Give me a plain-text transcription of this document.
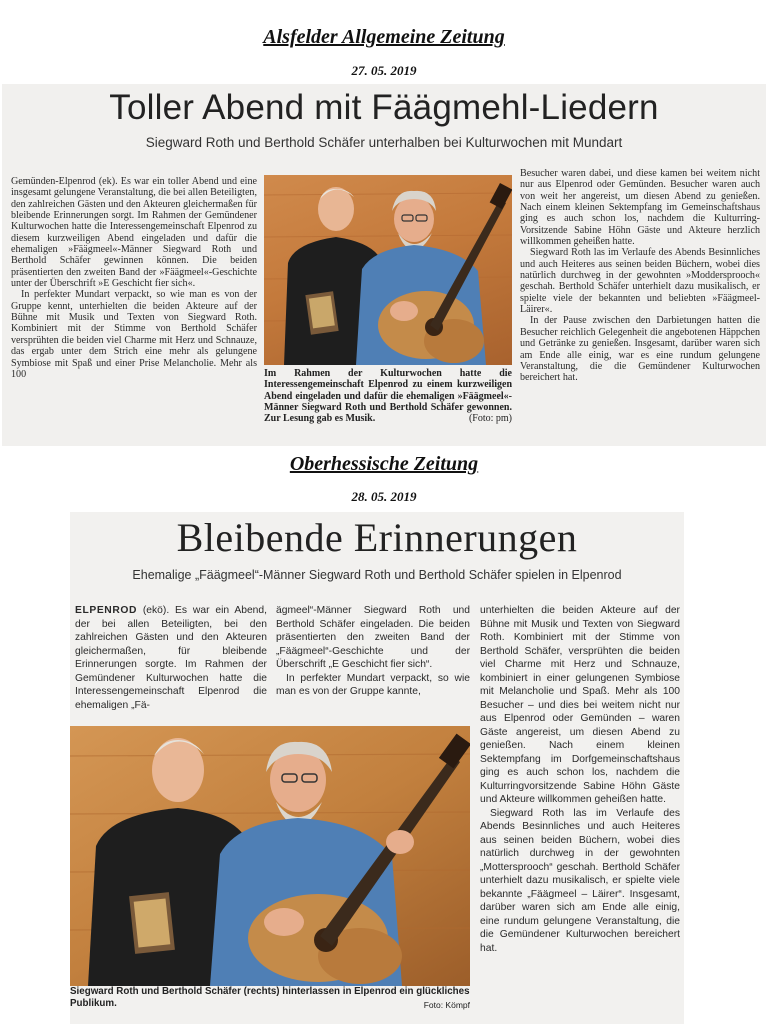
Alsfelder Allgemeine Zeitung
27. 05. 2019
Toller Abend mit Fäägmehl-Liedern
Siegward Roth und Berthold Schäfer unterhalben bei Kulturwochen mit Mundart

Gemünden-Elpenrod (ek). Es war ein toller Abend und eine insgesamt gelungene Veranstaltung, die bei allen Beteiligten, den zahlreichen Gästen und den Akteuren gleichermaßen für bleibende Erinnerungen sorgt. Im Rahmen der Gemündener Kulturwochen hatte die Interessengemeinschaft Elpenrod zu diesem kurzweiligen Abend eingeladen und dafür die ehemaligen »Fäägmeel«-Männer Siegward Roth und Berthold Schäfer gewinnen können. Die beiden präsentierten den zweiten Band der »Fäägmeel«-Geschichte unter der Überschrift »E Geschicht fier sich«.

In perfekter Mundart verpackt, so wie man es von der Gruppe kennt, unterhielten die beiden Akteure auf der Bühne mit Musik und Texten von Siegward Roth. Kombiniert mit der Stimme von Berthold Schäfer versprühten die beiden viel Charme mit Herz und Schnauze, das ergab unter dem Strich eine mehr als gelungene Symbiose mit Spaß und einer Prise Melancholie. Mehr als 100	Im Rahmen der Kulturwochen hatte die Interessengemeinschaft Elpenrod zu einem kurzweiligen Abend eingeladen und dafür die ehemaligen »Fäägmeel«-Männer Siegward Roth und Berthold Schäfer gewonnen. Zur Lesung gab es Musik.	(Foto: pm)

Besucher waren dabei, und diese kamen bei weitem nicht nur aus Elpenrod oder Gemünden. Besucher waren auch von weit her angereist, um diesen Abend zu genießen. Nach einem kleinen Sektempfang im Gemeinschaftshaus ging es auch schon los, nachdem die Kulturring-Vorsitzende Sabine Höhn Gäste und Akteure herzlich willkommen geheißen hatte.

Siegward Roth las im Verlaufe des Abends Besinnliches und auch Heiteres aus seinen beiden Büchern, wobei dies natürlich durchweg in der gewohnten »Moddersprooch« geschah. Berthold Schäfer unterhielt dazu musikalisch, er spielte viele der bekannten und beliebten »Fäägmeel-Läirer«.

In der Pause zwischen den Darbietungen hatten die Besucher reichlich Gelegenheit die angebotenen Häppchen und Getränke zu genießen. Insgesamt, darüber waren sich am Ende alle einig, war es eine rundum gelungene Veranstaltung, die die Gemündener Kulturwochen bereichert hat.

Oberhessische Zeitung
28. 05. 2019
Bleibende Erinnerungen
Ehemalige „Fäägmeel“-Männer Siegward Roth und Berthold Schäfer spielen in Elpenrod

ELPENROD (ekö). Es war ein Abend, der bei allen Beteiligten, bei den zahlreichen Gästen und den Akteuren gleichermaßen, für bleibende Erinnerungen sorgte. Im Rahmen der Gemündener Kulturwochen hatte die Interessengemeinschaft Elpenrod die ehemaligen „Fä-

ägmeel“-Männer Siegward Roth und Berthold Schäfer eingeladen. Die beiden präsentierten den zweiten Band der „Fäägmeel“-Geschichte und der Überschrift „E Geschicht fier sich“.

In perfekter Mundart verpackt, so wie man es von der Gruppe kannte,

unterhielten die beiden Akteure auf der Bühne mit Musik und Texten von Siegward Roth. Kombiniert mit der Stimme von Berthold Schäfer, versprühten die beiden viel Charme mit Herz und Schnauze, kombiniert in einer gelungenen Symbiose mit Melancholie und Spaß. Mehr als 100 Besucher – und dies bei weitem nicht nur aus Elpenrod oder Gemünden – waren Gäste angereist, um diesen Abend zu genießen. Nach einem kleinen Sektempfang im Dorfgemeinschaftshaus ging es auch schon los, nachdem die Kulturringvorsitzende Sabine Höhn Gäste und Akteure willkommen geheißen hatte.

Siegward Roth las im Verlaufe des Abends Besinnliches und auch Heiteres aus seinen beiden Büchern, wobei dies natürlich durchweg in der gewohnten „Mottersprooch“ geschah. Berthold Schäfer unterhielt dazu musikalisch, er spielte viele bekannte „Fäägmeel – Läirer“. Insgesamt, darüber waren sich am Ende alle einig, eine rundum gelungene Veranstaltung, die die Gemündener Kulturwochen bereichert hat.

Siegward Roth und Berthold Schäfer (rechts) hinterlassen in Elpenrod ein glückliches Publikum.	Foto: Kömpf
